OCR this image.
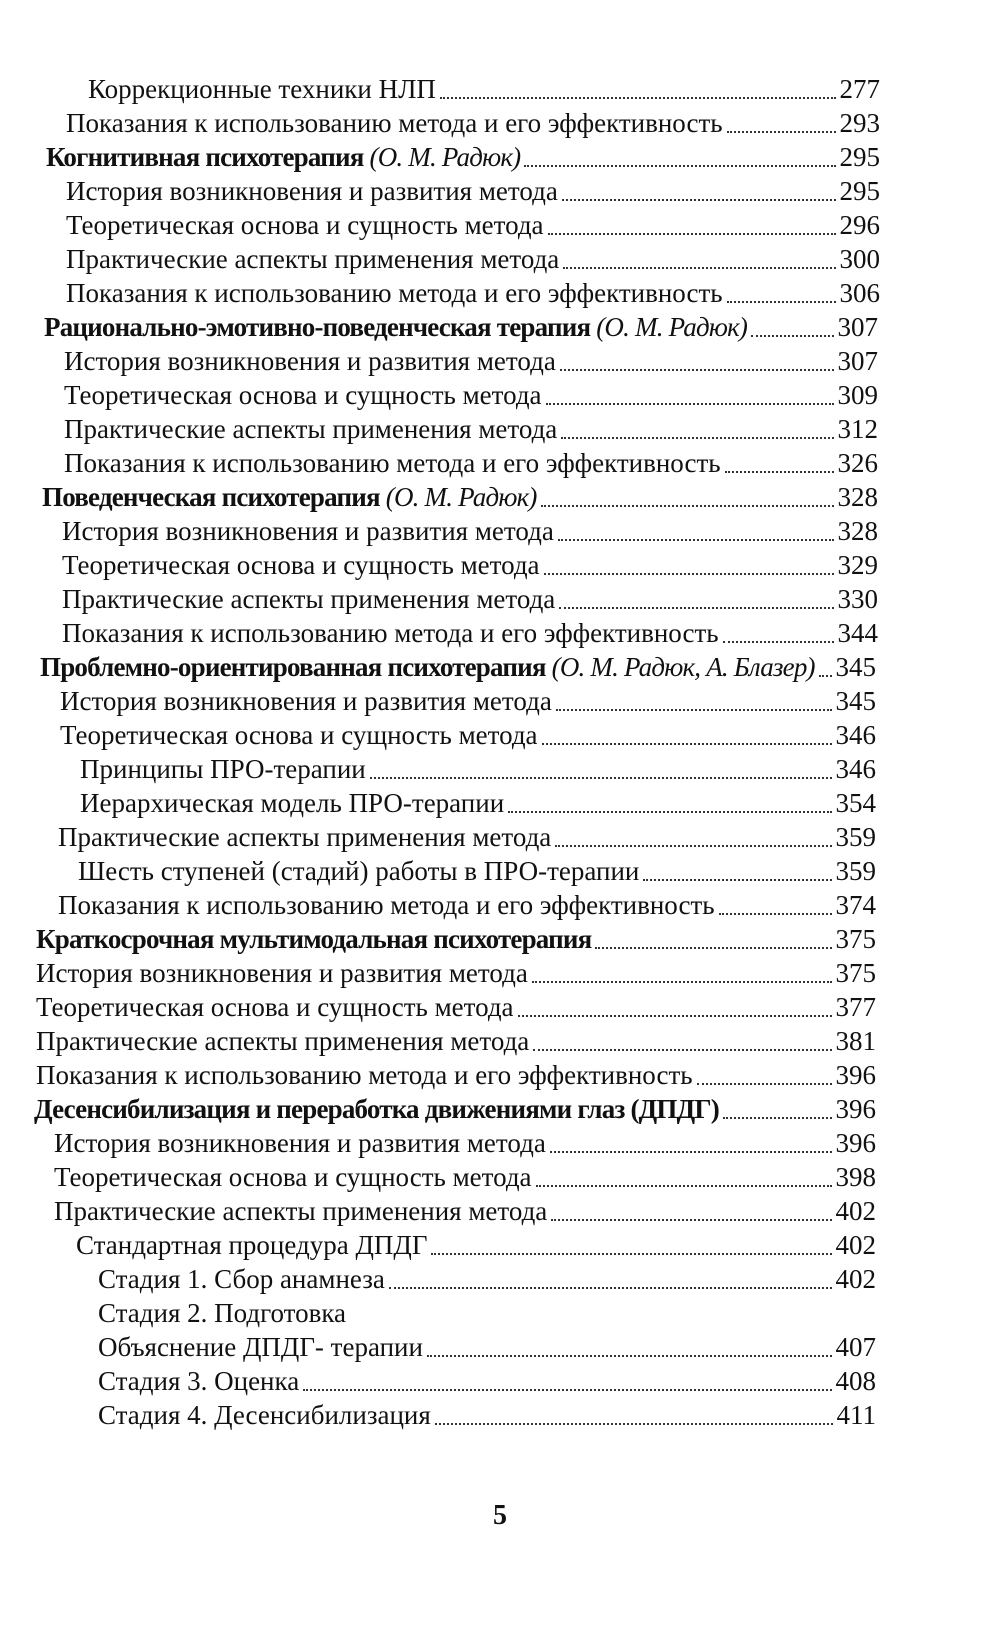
Коррекционные техники НЛП	277
Показания к использованию метода и его эффективность	293
Когнитивная психотерапия (О. М. Радюк)	295
История возникновения и развития метода	295
Теоретическая основа и сущность метода	296
Практические аспекты применения метода	300
Показания к использованию метода и его эффективность	306
Рационально-эмотивно-поведенческая терапия (О. М. Радюк)	307
История возникновения и развития метода	307
Теоретическая основа и сущность метода	309
Практические аспекты применения метода	312
Показания к использованию метода и его эффективность	326
Поведенческая психотерапия (О. М. Радюк)	328
История возникновения и развития метода	328
Теоретическая основа и сущность метода	329
Практические аспекты применения метода	330
Показания к использованию метода и его эффективность	344
Проблемно-ориентированная психотерапия (О. М. Радюк, А. Блазер) 345
История возникновения и развития метода	345
Теоретическая основа и сущность метода	346
Принципы ПРО-терапии	346
Иерархическая модель ПРО-терапии	354
Практические аспекты применения метода	359
Шесть ступеней (стадий) работы в ПРО-терапии	359
Показания к использованию метода и его эффективность	374
Краткосрочная мультимодальная психотерапия	375
История возникновения и развития метода	375
Теоретическая основа и сущность метода	377
Практические аспекты применения метода	381
Показания к использованию метода и его эффективность	396
Десенсибилизация и переработка движениями глаз (ДПДГ)	396
История возникновения и развития метода	396
Теоретическая основа и сущность метода	398
Практические аспекты применения метода	402
Стандартная процедура ДПДГ	402
Стадия 1. Сбор анамнеза	402
Стадия 2. Подготовка
Объяснение ДПДГ- терапии	407
Стадия 3. Оценка	408
Стадия 4. Десенсибилизация	411
5
